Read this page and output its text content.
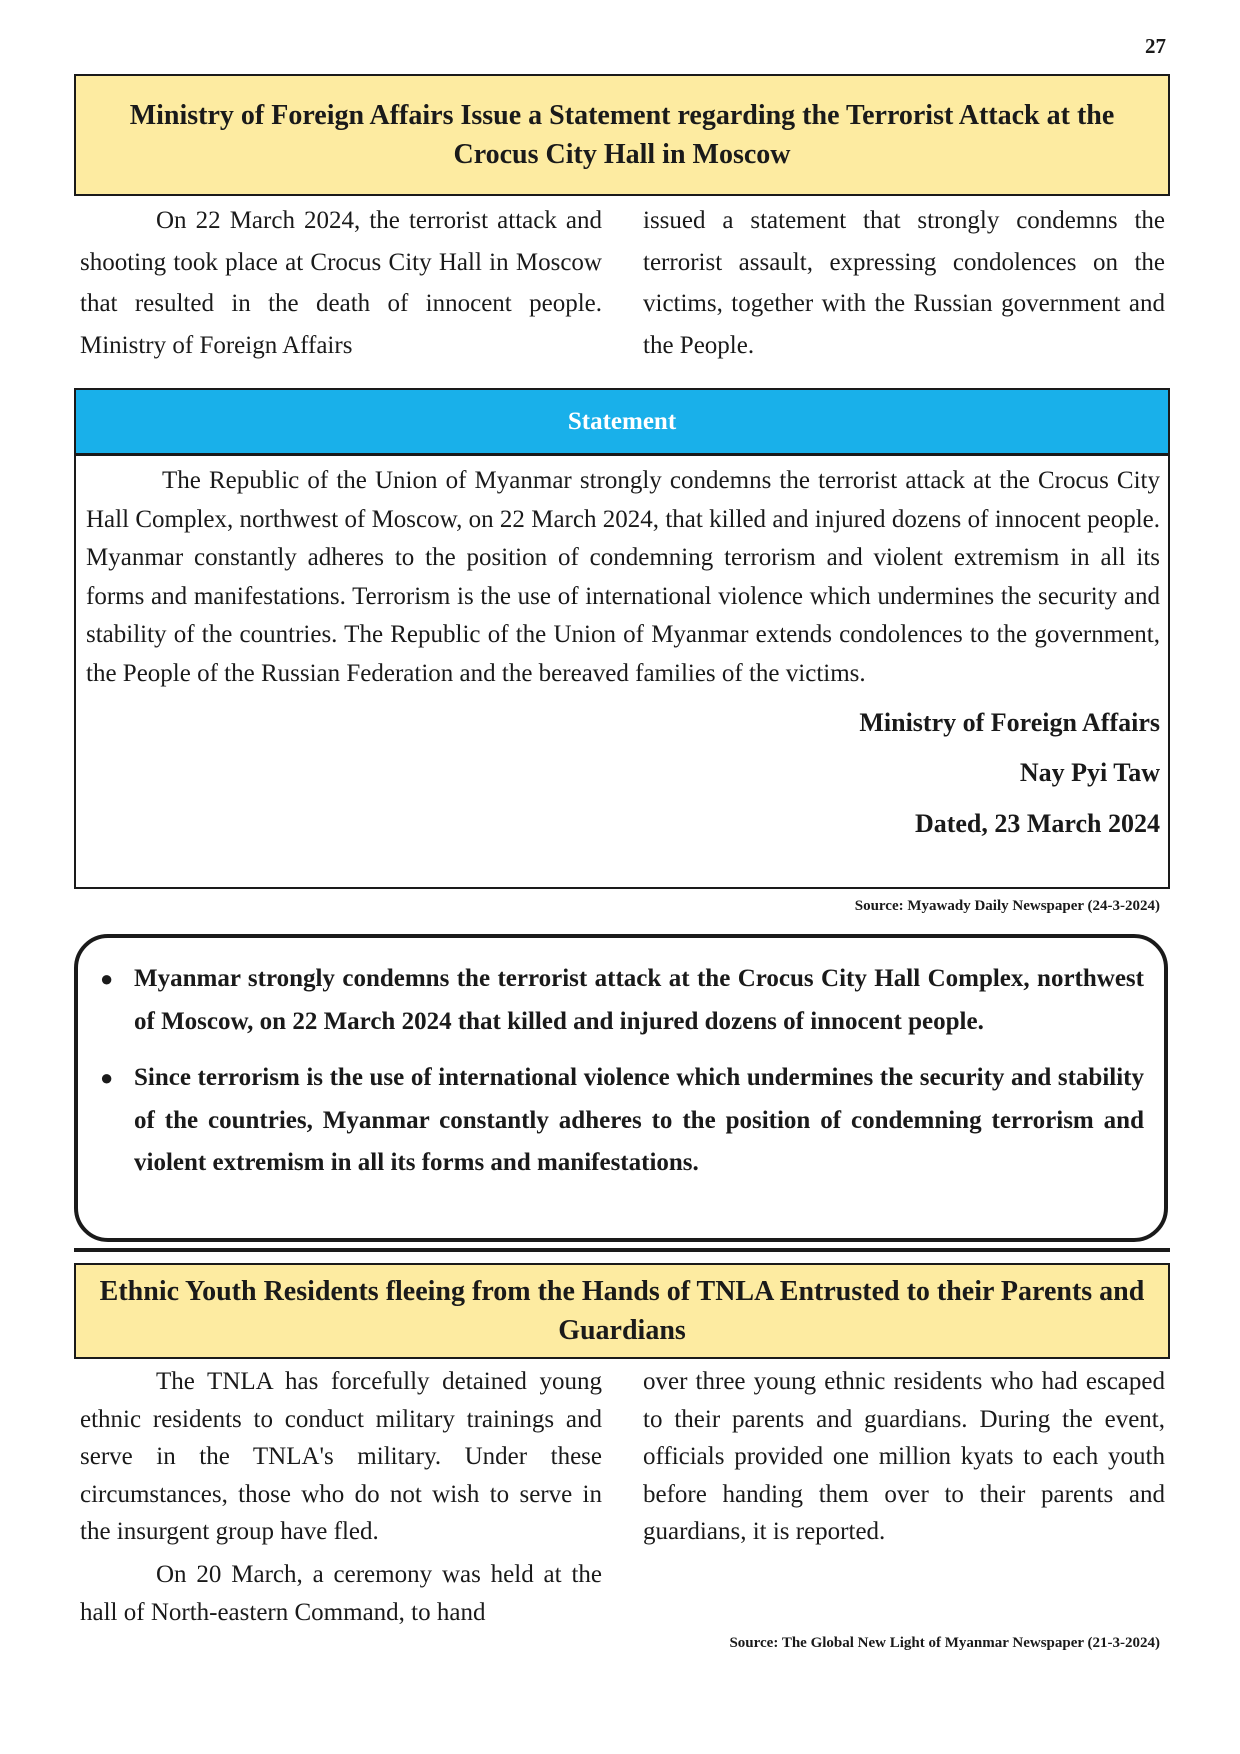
27
Ministry of Foreign Affairs Issue a Statement regarding the Terrorist Attack at the Crocus City Hall in Moscow

On 22 March 2024, the terrorist attack and shooting took place at Crocus City Hall in Moscow that resulted in the death of innocent people. Ministry of Foreign Affairs

issued a statement that strongly condemns the terrorist assault, expressing condolences on the victims, together with the Russian government and the People.

Statement

The Republic of the Union of Myanmar strongly condemns the terrorist attack at the Crocus City Hall Complex, northwest of Moscow, on 22 March 2024, that killed and injured dozens of innocent people. Myanmar constantly adheres to the position of condemning terrorism and violent extremism in all its forms and manifestations. Terrorism is the use of international violence which undermines the security and stability of the countries. The Republic of the Union of Myanmar extends condolences to the government, the People of the Russian Federation and the bereaved families of the victims.

Ministry of Foreign Affairs
Nay Pyi Taw
Dated, 23 March 2024
Source: Myawady Daily Newspaper (24-3-2024)
● Myanmar strongly condemns the terrorist attack at the Crocus City Hall Complex, northwest of Moscow, on 22 March 2024 that killed and injured dozens of innocent people.
● Since terrorism is the use of international violence which undermines the security and stability of the countries, Myanmar constantly adheres to the position of condemning terrorism and violent extremism in all its forms and manifestations.
Ethnic Youth Residents fleeing from the Hands of TNLA Entrusted to their Parents and Guardians

The TNLA has forcefully detained young ethnic residents to conduct military trainings and serve in the TNLA's military. Under these circumstances, those who do not wish to serve in the insurgent group have fled.

On 20 March, a ceremony was held at the hall of North-eastern Command, to hand

over three young ethnic residents who had escaped to their parents and guardians. During the event, officials provided one million kyats to each youth before handing them over to their parents and guardians, it is reported.

Source: The Global New Light of Myanmar Newspaper (21-3-2024)
